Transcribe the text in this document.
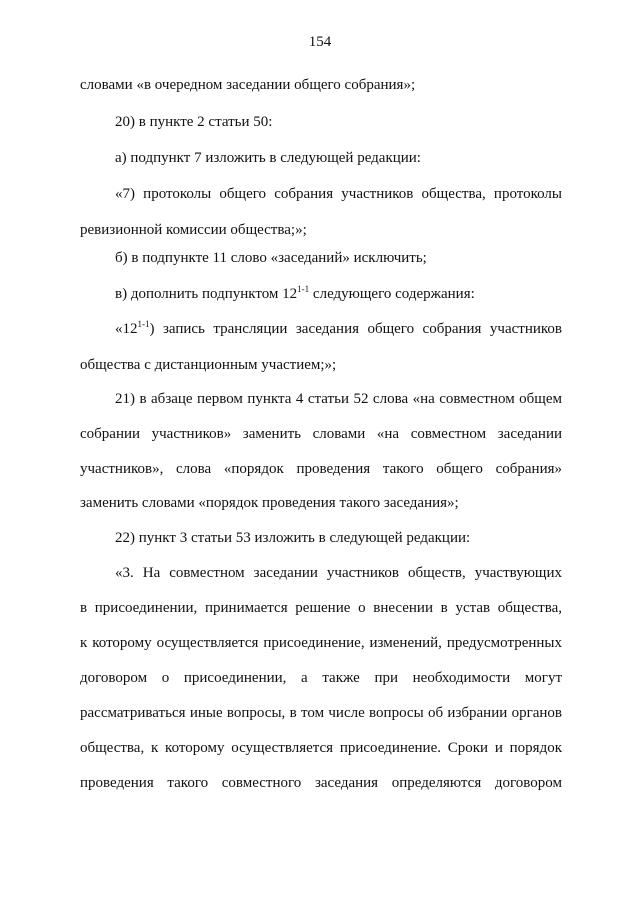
154
словами «в очередном заседании общего собрания»;
20) в пункте 2 статьи 50:
а) подпункт 7 изложить в следующей редакции:
«7) протоколы общего собрания участников общества, протоколы
ревизионной комиссии общества;»;
б) в подпункте 11 слово «заседаний» исключить;
в) дополнить подпунктом 12$^{1-1}$ следующего содержания:
«12$^{1-1}$) запись трансляции заседания общего собрания участников
общества с дистанционным участием;»;
21) в абзаце первом пункта 4 статьи 52 слова «на совместном общем
собрании участников» заменить словами «на совместном заседании
участников», слова «порядок проведения такого общего собрания»
заменить словами «порядок проведения такого заседания»;
22) пункт 3 статьи 53 изложить в следующей редакции:
«3. На совместном заседании участников обществ, участвующих
в присоединении, принимается решение о внесении в устав общества,
к которому осуществляется присоединение, изменений, предусмотренных
договором о присоединении, а также при необходимости могут
рассматриваться иные вопросы, в том числе вопросы об избрании органов
общества, к которому осуществляется присоединение. Сроки и порядок
проведения такого совместного заседания определяются договором
